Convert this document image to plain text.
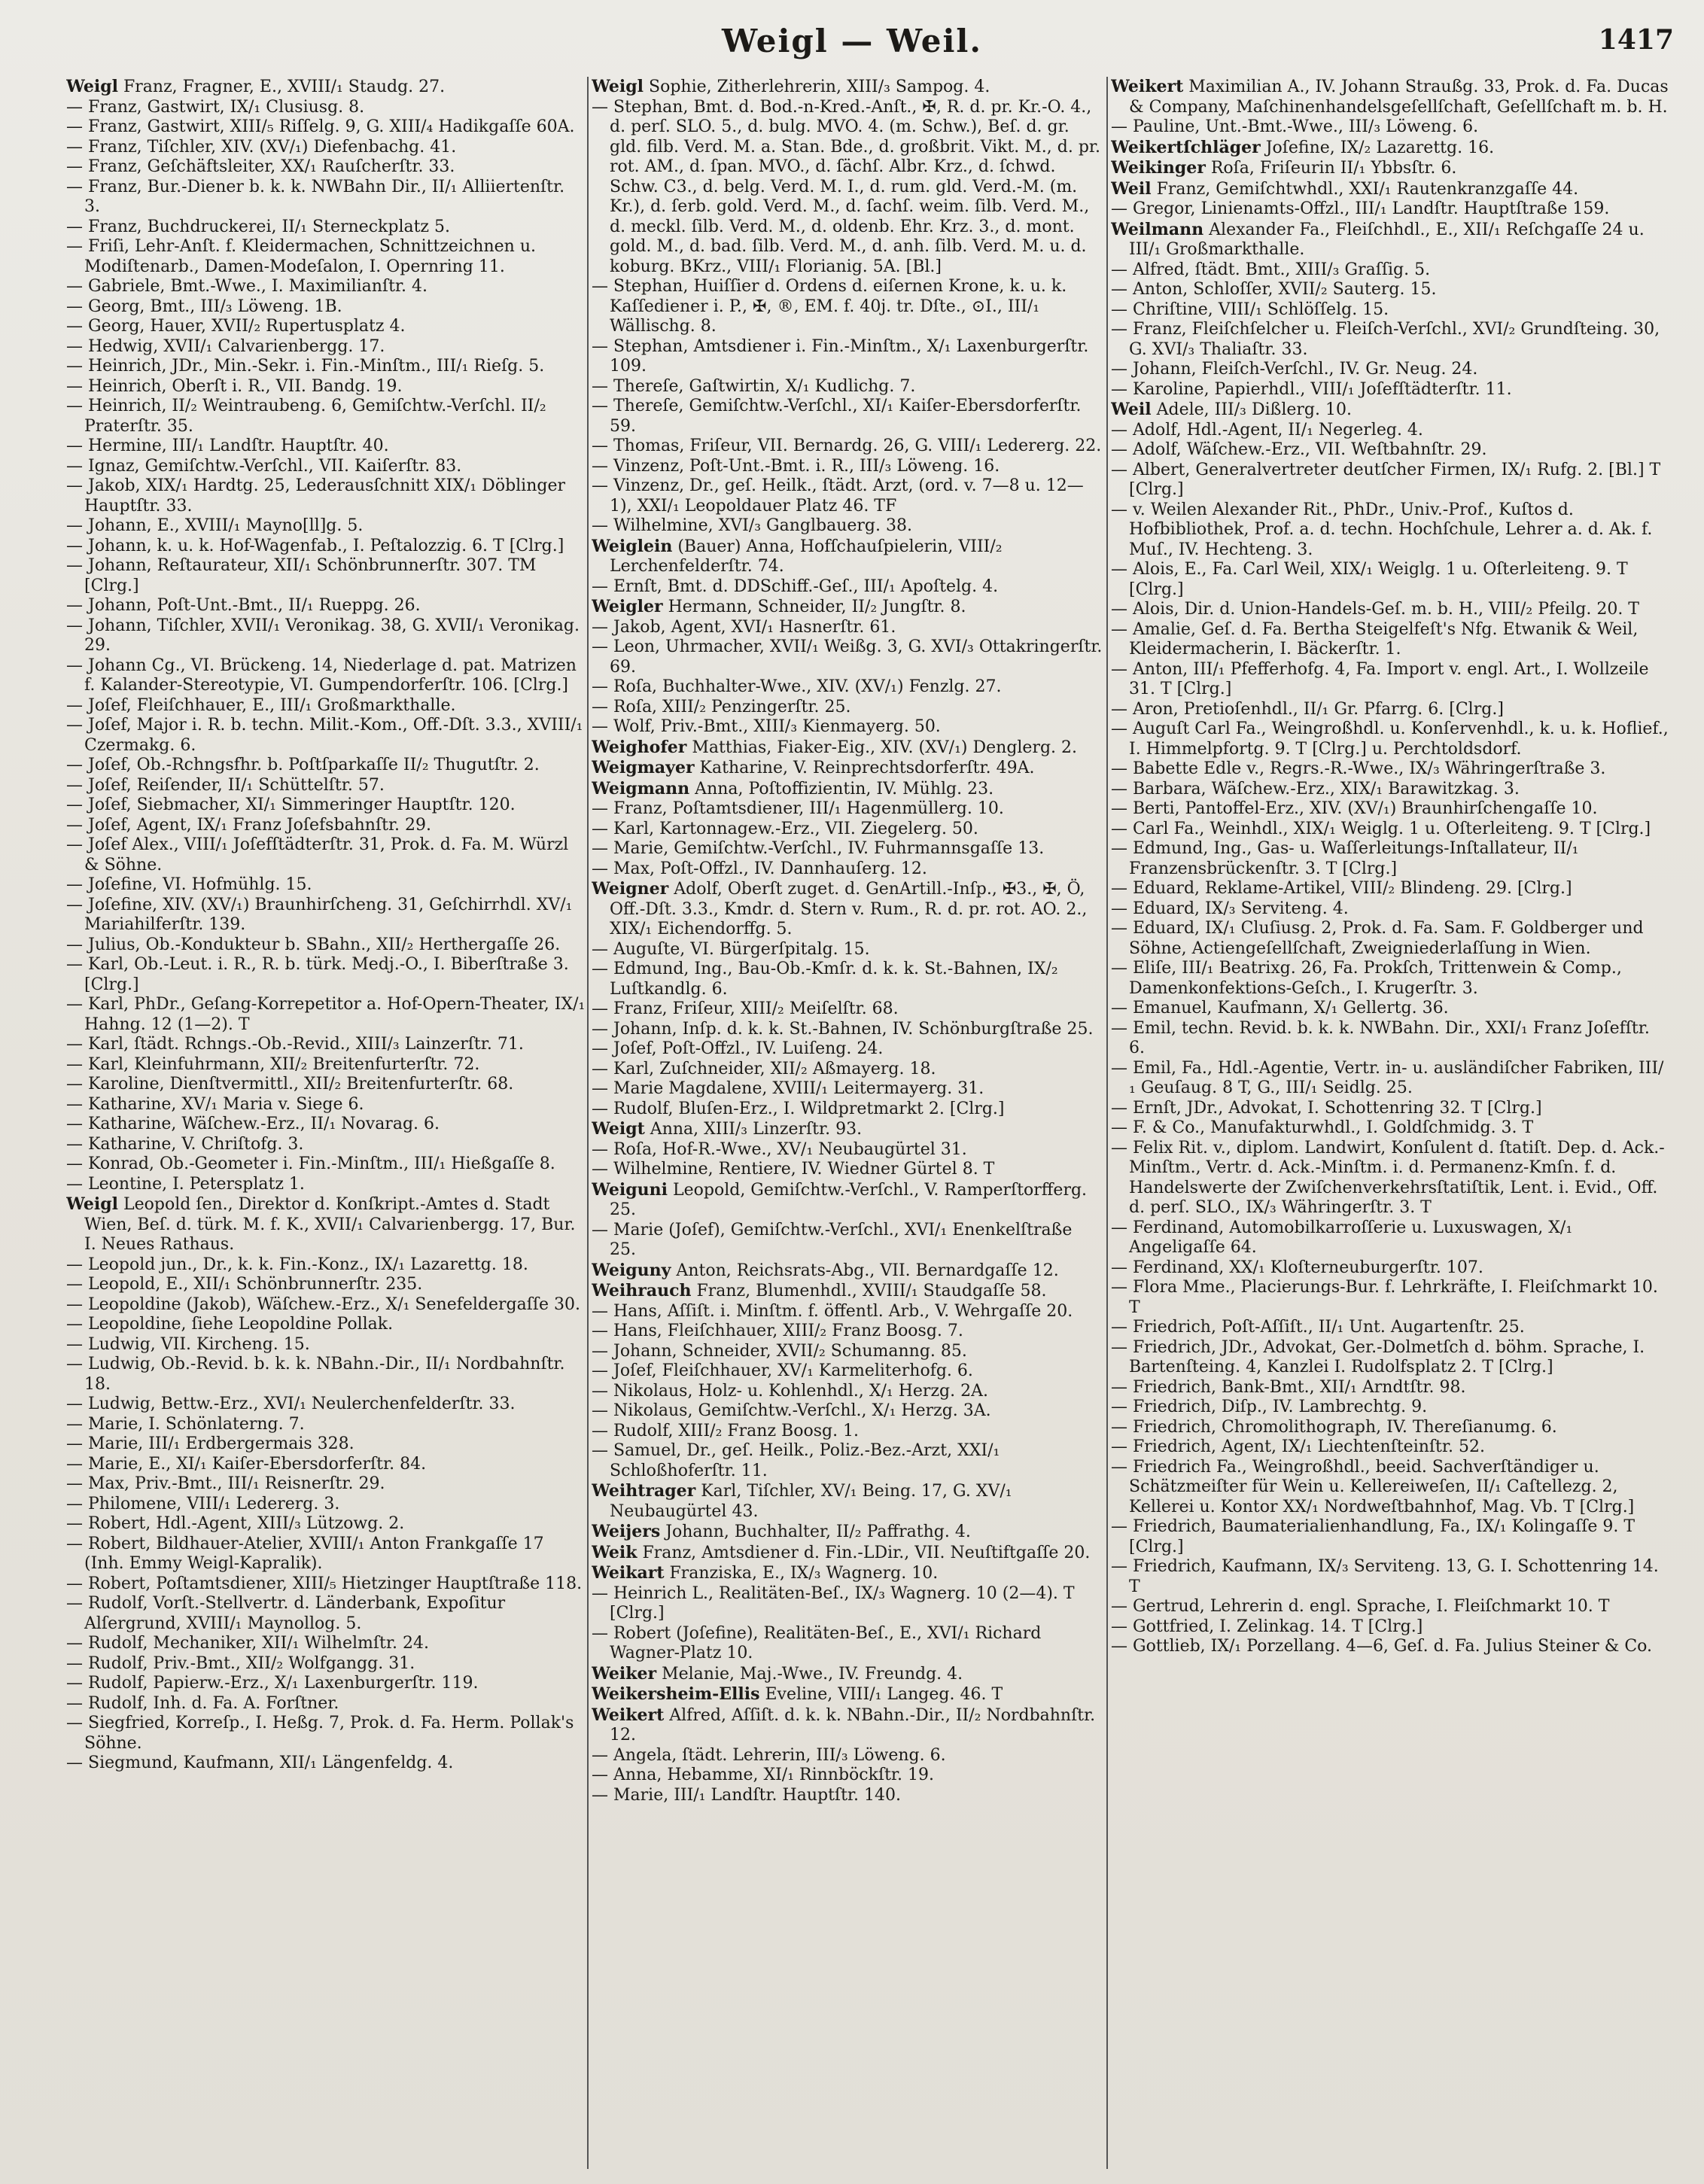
Weigl — Weil.	1417
Weigl Franz, Fragner, E., XVIII/₁ Staudg. 27.
— Franz, Gastwirt, IX/₁ Clusiusg. 8.
— Franz, Gastwirt, XIII/₅ Riſſelg. 9, G. XIII/₄ Hadikgaſſe 60A.
— Franz, Tiſchler, XIV. (XV/₁) Diefenbachg. 41.
— Franz, Geſchäftsleiter, XX/₁ Rauſcherſtr. 33.
— Franz, Bur.-Diener b. k. k. NWBahn Dir., II/₁ Alliiertenſtr. 3.
— Franz, Buchdruckerei, II/₁ Sterneckplatz 5.
— Friſi, Lehr-Anſt. f. Kleidermachen, Schnittzeichnen u. Modiſtenarb., Damen-Modeſalon, I. Opernring 11.
— Gabriele, Bmt.-Wwe., I. Maximilianſtr. 4.
— Georg, Bmt., III/₃ Löweng. 1B.
— Georg, Hauer, XVII/₂ Rupertusplatz 4.
— Hedwig, XVII/₁ Calvarienbergg. 17.
— Heinrich, JDr., Min.-Sekr. i. Fin.-Minſtm., III/₁ Rieſg. 5.
— Heinrich, Oberſt i. R., VII. Bandg. 19.
— Heinrich, II/₂ Weintraubeng. 6, Gemiſchtw.-Verſchl. II/₂ Praterſtr. 35.
— Hermine, III/₁ Landſtr. Hauptſtr. 40.
— Ignaz, Gemiſchtw.-Verſchl., VII. Kaiſerſtr. 83.
— Jakob, XIX/₁ Hardtg. 25, Lederausſchnitt XIX/₁ Döblinger Hauptſtr. 33.
— Johann, E., XVIII/₁ Mayno[ll]g. 5.
— Johann, k. u. k. Hof-Wagenfab., I. Peſtalozzig. 6. T [Clrg.]
— Johann, Reſtaurateur, XII/₁ Schönbrunnerſtr. 307. TM [Clrg.]
— Johann, Poſt-Unt.-Bmt., II/₁ Rueppg. 26.
— Johann, Tiſchler, XVII/₁ Veronikag. 38, G. XVII/₁ Veronikag. 29.
— Johann Cg., VI. Brückeng. 14, Niederlage d. pat. Matrizen f. Kalander-Stereotypie, VI. Gumpendorferſtr. 106. [Clrg.]
— Joſef, Fleiſchhauer, E., III/₁ Großmarkthalle.
— Joſef, Major i. R. b. techn. Milit.-Kom., Off.-Dſt. 3.3., XVIII/₁ Czermakg. 6.
— Joſef, Ob.-Rchngsfhr. b. Poſtſparkaſſe II/₂ Thugutſtr. 2.
— Joſef, Reiſender, II/₁ Schüttelſtr. 57.
— Joſef, Siebmacher, XI/₁ Simmeringer Hauptſtr. 120.
— Joſef, Agent, IX/₁ Franz Joſefsbahnſtr. 29.
— Joſef Alex., VIII/₁ Joſefſtädterſtr. 31, Prok. d. Fa. M. Würzl & Söhne.
— Joſefine, VI. Hofmühlg. 15.
— Joſefine, XIV. (XV/₁) Braunhirſcheng. 31, Geſchirrhdl. XV/₁ Mariahilferſtr. 139.
— Julius, Ob.-Kondukteur b. SBahn., XII/₂ Herthergaſſe 26.
— Karl, Ob.-Leut. i. R., R. b. türk. Medj.-O., I. Biberſtraße 3. [Clrg.]
— Karl, PhDr., Geſang-Korrepetitor a. Hof-Opern-Theater, IX/₁ Hahng. 12 (1—2). T
— Karl, ſtädt. Rchngs.-Ob.-Revid., XIII/₃ Lainzerſtr. 71.
— Karl, Kleinfuhrmann, XII/₂ Breitenfurterſtr. 72.
— Karoline, Dienſtvermittl., XII/₂ Breitenfurterſtr. 68.
— Katharine, XV/₁ Maria v. Siege 6.
— Katharine, Wäſchew.-Erz., II/₁ Novarag. 6.
— Katharine, V. Chriſtofg. 3.
— Konrad, Ob.-Geometer i. Fin.-Minſtm., III/₁ Hießgaſſe 8.
— Leontine, I. Petersplatz 1.
Weigl Leopold ſen., Direktor d. Konſkript.-Amtes d. Stadt Wien, Beſ. d. türk. M. f. K., XVII/₁ Calvarienbergg. 17, Bur. I. Neues Rathaus.
— Leopold jun., Dr., k. k. Fin.-Konz., IX/₁ Lazarettg. 18.
— Leopold, E., XII/₁ Schönbrunnerſtr. 235.
— Leopoldine (Jakob), Wäſchew.-Erz., X/₁ Senefeldergaſſe 30.
— Leopoldine, ſiehe Leopoldine Pollak.
— Ludwig, VII. Kircheng. 15.
— Ludwig, Ob.-Revid. b. k. k. NBahn.-Dir., II/₁ Nordbahnſtr. 18.
— Ludwig, Bettw.-Erz., XVI/₁ Neulerchenfelderſtr. 33.
— Marie, I. Schönlaterng. 7.
— Marie, III/₁ Erdbergermais 328.
— Marie, E., XI/₁ Kaiſer-Ebersdorferſtr. 84.
— Max, Priv.-Bmt., III/₁ Reisnerſtr. 29.
— Philomene, VIII/₁ Ledererg. 3.
— Robert, Hdl.-Agent, XIII/₃ Lützowg. 2.
— Robert, Bildhauer-Atelier, XVIII/₁ Anton Frankgaſſe 17 (Inh. Emmy Weigl-Kapralik).
— Robert, Poſtamtsdiener, XIII/₅ Hietzinger Hauptſtraße 118.
— Rudolf, Vorſt.-Stellvertr. d. Länderbank, Expoſitur Alſergrund, XVIII/₁ Maynollog. 5.
— Rudolf, Mechaniker, XII/₁ Wilhelmſtr. 24.
— Rudolf, Priv.-Bmt., XII/₂ Wolfgangg. 31.
— Rudolf, Papierw.-Erz., X/₁ Laxenburgerſtr. 119.
— Rudolf, Inh. d. Fa. A. Forſtner.
— Siegfried, Korreſp., I. Heßg. 7, Prok. d. Fa. Herm. Pollak's Söhne.
— Siegmund, Kaufmann, XII/₁ Längenfeldg. 4.
Weigl Sophie, Zitherlehrerin, XIII/₃ Sampog. 4.
— Stephan, Bmt. d. Bod.-n-Kred.-Anſt., ✠, R. d. pr. Kr.-O. 4., d. perſ. SLO. 5., d. bulg. MVO. 4. (m. Schw.), Beſ. d. gr. gld. filb. Verd. M. a. Stan. Bde., d. großbrit. Vikt. M., d. pr. rot. AM., d. ſpan. MVO., d. ſächſ. Albr. Krz., d. ſchwd. Schw. C3., d. belg. Verd. M. I., d. rum. gld. Verd.-M. (m. Kr.), d. ſerb. gold. Verd. M., d. ſachſ. weim. ſilb. Verd. M., d. meckl. ſilb. Verd. M., d. oldenb. Ehr. Krz. 3., d. mont. gold. M., d. bad. ſilb. Verd. M., d. anh. ſilb. Verd. M. u. d. koburg. BKrz., VIII/₁ Florianig. 5A. [Bl.]
— Stephan, Huiſſier d. Ordens d. eiſernen Krone, k. u. k. Kaſſediener i. P., ✠, ®, EM. f. 40j. tr. Dſte., ⊙I., III/₁ Wällischg. 8.
— Stephan, Amtsdiener i. Fin.-Minſtm., X/₁ Laxenburgerſtr. 109.
— Thereſe, Gaſtwirtin, X/₁ Kudlichg. 7.
— Thereſe, Gemiſchtw.-Verſchl., XI/₁ Kaiſer-Ebersdorferſtr. 59.
— Thomas, Friſeur, VII. Bernardg. 26, G. VIII/₁ Ledererg. 22.
— Vinzenz, Poſt-Unt.-Bmt. i. R., III/₃ Löweng. 16.
— Vinzenz, Dr., geſ. Heilk., ſtädt. Arzt, (ord. v. 7—8 u. 12—1), XXI/₁ Leopoldauer Platz 46. TF
— Wilhelmine, XVI/₃ Ganglbauerg. 38.
Weiglein (Bauer) Anna, Hofſchauſpielerin, VIII/₂ Lerchenfelderſtr. 74.
— Ernſt, Bmt. d. DDSchiff.-Geſ., III/₁ Apoſtelg. 4.
Weigler Hermann, Schneider, II/₂ Jungſtr. 8.
— Jakob, Agent, XVI/₁ Hasnerſtr. 61.
— Leon, Uhrmacher, XVII/₁ Weißg. 3, G. XVI/₃ Ottakringerſtr. 69.
— Roſa, Buchhalter-Wwe., XIV. (XV/₁) Fenzlg. 27.
— Roſa, XIII/₂ Penzingerſtr. 25.
— Wolf, Priv.-Bmt., XIII/₃ Kienmayerg. 50.
Weighofer Matthias, Fiaker-Eig., XIV. (XV/₁) Denglerg. 2.
Weigmayer Katharine, V. Reinprechtsdorferſtr. 49A.
Weigmann Anna, Poſtoffizientin, IV. Mühlg. 23.
— Franz, Poſtamtsdiener, III/₁ Hagenmüllerg. 10.
— Karl, Kartonnagew.-Erz., VII. Ziegelerg. 50.
— Marie, Gemiſchtw.-Verſchl., IV. Fuhrmannsgaſſe 13.
— Max, Poſt-Offzl., IV. Dannhauſerg. 12.
Weigner Adolf, Oberſt zuget. d. GenArtill.-Inſp., ✠3., ✠, Ö, Off.-Dſt. 3.3., Kmdr. d. Stern v. Rum., R. d. pr. rot. AO. 2., XIX/₁ Eichendorffg. 5.
— Auguſte, VI. Bürgerſpitalg. 15.
— Edmund, Ing., Bau-Ob.-Kmſr. d. k. k. St.-Bahnen, IX/₂ Luſtkandlg. 6.
— Franz, Friſeur, XIII/₂ Meiſelſtr. 68.
— Johann, Inſp. d. k. k. St.-Bahnen, IV. Schönburgſtraße 25.
— Joſef, Poſt-Offzl., IV. Luiſeng. 24.
— Karl, Zuſchneider, XII/₂ Aßmayerg. 18.
— Marie Magdalene, XVIII/₁ Leitermayerg. 31.
— Rudolf, Bluſen-Erz., I. Wildpretmarkt 2. [Clrg.]
Weigt Anna, XIII/₃ Linzerſtr. 93.
— Roſa, Hof-R.-Wwe., XV/₁ Neubaugürtel 31.
— Wilhelmine, Rentiere, IV. Wiedner Gürtel 8. T
Weiguni Leopold, Gemiſchtw.-Verſchl., V. Ramperſtorfferg. 25.
— Marie (Joſef), Gemiſchtw.-Verſchl., XVI/₁ Enenkelſtraße 25.
Weiguny Anton, Reichsrats-Abg., VII. Bernardgaſſe 12.
Weihrauch Franz, Blumenhdl., XVIII/₁ Staudgaſſe 58.
— Hans, Aſſiſt. i. Minſtm. f. öffentl. Arb., V. Wehrgaſſe 20.
— Hans, Fleiſchhauer, XIII/₂ Franz Boosg. 7.
— Johann, Schneider, XVII/₂ Schumanng. 85.
— Joſef, Fleiſchhauer, XV/₁ Karmeliterhofg. 6.
— Nikolaus, Holz- u. Kohlenhdl., X/₁ Herzg. 2A.
— Nikolaus, Gemiſchtw.-Verſchl., X/₁ Herzg. 3A.
— Rudolf, XIII/₂ Franz Boosg. 1.
— Samuel, Dr., geſ. Heilk., Poliz.-Bez.-Arzt, XXI/₁ Schloßhoferſtr. 11.
Weihtrager Karl, Tiſchler, XV/₁ Being. 17, G. XV/₁ Neubaugürtel 43.
Weijers Johann, Buchhalter, II/₂ Paffrathg. 4.
Weik Franz, Amtsdiener d. Fin.-LDir., VII. Neuſtiftgaſſe 20.
Weikart Franziska, E., IX/₃ Wagnerg. 10.
— Heinrich L., Realitäten-Beſ., IX/₃ Wagnerg. 10 (2—4). T [Clrg.]
— Robert (Joſefine), Realitäten-Beſ., E., XVI/₁ Richard Wagner-Platz 10.
Weiker Melanie, Maj.-Wwe., IV. Freundg. 4.
Weikersheim-Ellis Eveline, VIII/₁ Langeg. 46. T
Weikert Alfred, Aſſiſt. d. k. k. NBahn.-Dir., II/₂ Nordbahnſtr. 12.
— Angela, ſtädt. Lehrerin, III/₃ Löweng. 6.
— Anna, Hebamme, XI/₁ Rinnböckſtr. 19.
— Marie, III/₁ Landſtr. Hauptſtr. 140.
Weikert Maximilian A., IV. Johann Straußg. 33, Prok. d. Fa. Ducas & Company, Maſchinenhandelsgeſellſchaft, Geſellſchaft m. b. H.
— Pauline, Unt.-Bmt.-Wwe., III/₃ Löweng. 6.
Weikertſchläger Joſefine, IX/₂ Lazarettg. 16.
Weikinger Roſa, Friſeurin II/₁ Ybbsſtr. 6.
Weil Franz, Gemiſchtwhdl., XXI/₁ Rautenkranzgaſſe 44.
— Gregor, Linienamts-Offzl., III/₁ Landſtr. Hauptſtraße 159.
Weilmann Alexander Fa., Fleiſchhdl., E., XII/₁ Reſchgaſſe 24 u. III/₁ Großmarkthalle.
— Alfred, ſtädt. Bmt., XIII/₃ Graſſig. 5.
— Anton, Schloſſer, XVII/₂ Sauterg. 15.
— Chriſtine, VIII/₁ Schlöſſelg. 15.
— Franz, Fleiſchſelcher u. Fleiſch-Verſchl., XVI/₂ Grundſteing. 30, G. XVI/₃ Thaliaſtr. 33.
— Johann, Fleiſch-Verſchl., IV. Gr. Neug. 24.
— Karoline, Papierhdl., VIII/₁ Joſefſtädterſtr. 11.
Weil Adele, III/₃ Dißlerg. 10.
— Adolf, Hdl.-Agent, II/₁ Negerleg. 4.
— Adolf, Wäſchew.-Erz., VII. Weſtbahnſtr. 29.
— Albert, Generalvertreter deutſcher Firmen, IX/₁ Rufg. 2. [Bl.] T [Clrg.]
— v. Weilen Alexander Rit., PhDr., Univ.-Prof., Kuſtos d. Hofbibliothek, Prof. a. d. techn. Hochſchule, Lehrer a. d. Ak. f. Muſ., IV. Hechteng. 3.
— Alois, E., Fa. Carl Weil, XIX/₁ Weiglg. 1 u. Oſterleiteng. 9. T [Clrg.]
— Alois, Dir. d. Union-Handels-Geſ. m. b. H., VIII/₂ Pfeilg. 20. T
— Amalie, Geſ. d. Fa. Bertha Steigelfeſt's Nfg. Etwanik & Weil, Kleidermacherin, I. Bäckerſtr. 1.
— Anton, III/₁ Pfefferhofg. 4, Fa. Import v. engl. Art., I. Wollzeile 31. T [Clrg.]
— Aron, Pretioſenhdl., II/₁ Gr. Pfarrg. 6. [Clrg.]
— Auguſt Carl Fa., Weingroßhdl. u. Konſervenhdl., k. u. k. Hoflief., I. Himmelpfortg. 9. T [Clrg.] u. Perchtoldsdorf.
— Babette Edle v., Regrs.-R.-Wwe., IX/₃ Währingerſtraße 3.
— Barbara, Wäſchew.-Erz., XIX/₁ Barawitzkag. 3.
— Berti, Pantoffel-Erz., XIV. (XV/₁) Braunhirſchengaſſe 10.
— Carl Fa., Weinhdl., XIX/₁ Weiglg. 1 u. Oſterleiteng. 9. T [Clrg.]
— Edmund, Ing., Gas- u. Waſſerleitungs-Inſtallateur, II/₁ Franzensbrückenſtr. 3. T [Clrg.]
— Eduard, Reklame-Artikel, VIII/₂ Blindeng. 29. [Clrg.]
— Eduard, IX/₃ Serviteng. 4.
— Eduard, IX/₁ Cluſiusg. 2, Prok. d. Fa. Sam. F. Goldberger und Söhne, Actiengeſellſchaft, Zweigniederlaſſung in Wien.
— Eliſe, III/₁ Beatrixg. 26, Fa. Prokſch, Trittenwein & Comp., Damenkonfektions-Geſch., I. Krugerſtr. 3.
— Emanuel, Kaufmann, X/₁ Gellertg. 36.
— Emil, techn. Revid. b. k. k. NWBahn. Dir., XXI/₁ Franz Joſefſtr. 6.
— Emil, Fa., Hdl.-Agentie, Vertr. in- u. ausländiſcher Fabriken, III/₁ Geuſaug. 8 T, G., III/₁ Seidlg. 25.
— Ernſt, JDr., Advokat, I. Schottenring 32. T [Clrg.]
— F. & Co., Manufakturwhdl., I. Goldſchmidg. 3. T
— Felix Rit. v., diplom. Landwirt, Konſulent d. ſtatiſt. Dep. d. Ack.-Minſtm., Vertr. d. Ack.-Minſtm. i. d. Permanenz-Kmſn. f. d. Handelswerte der Zwiſchenverkehrsſtatiſtik, Lent. i. Evid., Off. d. perſ. SLO., IX/₃ Währingerſtr. 3. T
— Ferdinand, Automobilkarroſſerie u. Luxuswagen, X/₁ Angeligaſſe 64.
— Ferdinand, XX/₁ Kloſterneuburgerſtr. 107.
— Flora Mme., Placierungs-Bur. f. Lehrkräfte, I. Fleiſchmarkt 10. T
— Friedrich, Poſt-Aſſiſt., II/₁ Unt. Augartenſtr. 25.
— Friedrich, JDr., Advokat, Ger.-Dolmetſch d. böhm. Sprache, I. Bartenſteing. 4, Kanzlei I. Rudolfsplatz 2. T [Clrg.]
— Friedrich, Bank-Bmt., XII/₁ Arndtſtr. 98.
— Friedrich, Diſp., IV. Lambrechtg. 9.
— Friedrich, Chromolithograph, IV. Thereſianumg. 6.
— Friedrich, Agent, IX/₁ Liechtenſteinſtr. 52.
— Friedrich Fa., Weingroßhdl., beeid. Sachverſtändiger u. Schätzmeiſter für Wein u. Kellereiweſen, II/₁ Caſtellezg. 2, Kellerei u. Kontor XX/₁ Nordweſtbahnhof, Mag. Vb. T [Clrg.]
— Friedrich, Baumaterialienhandlung, Fa., IX/₁ Kolingaſſe 9. T [Clrg.]
— Friedrich, Kaufmann, IX/₃ Serviteng. 13, G. I. Schottenring 14. T
— Gertrud, Lehrerin d. engl. Sprache, I. Fleiſchmarkt 10. T
— Gottfried, I. Zelinkag. 14. T [Clrg.]
— Gottlieb, IX/₁ Porzellang. 4—6, Geſ. d. Fa. Julius Steiner & Co.
